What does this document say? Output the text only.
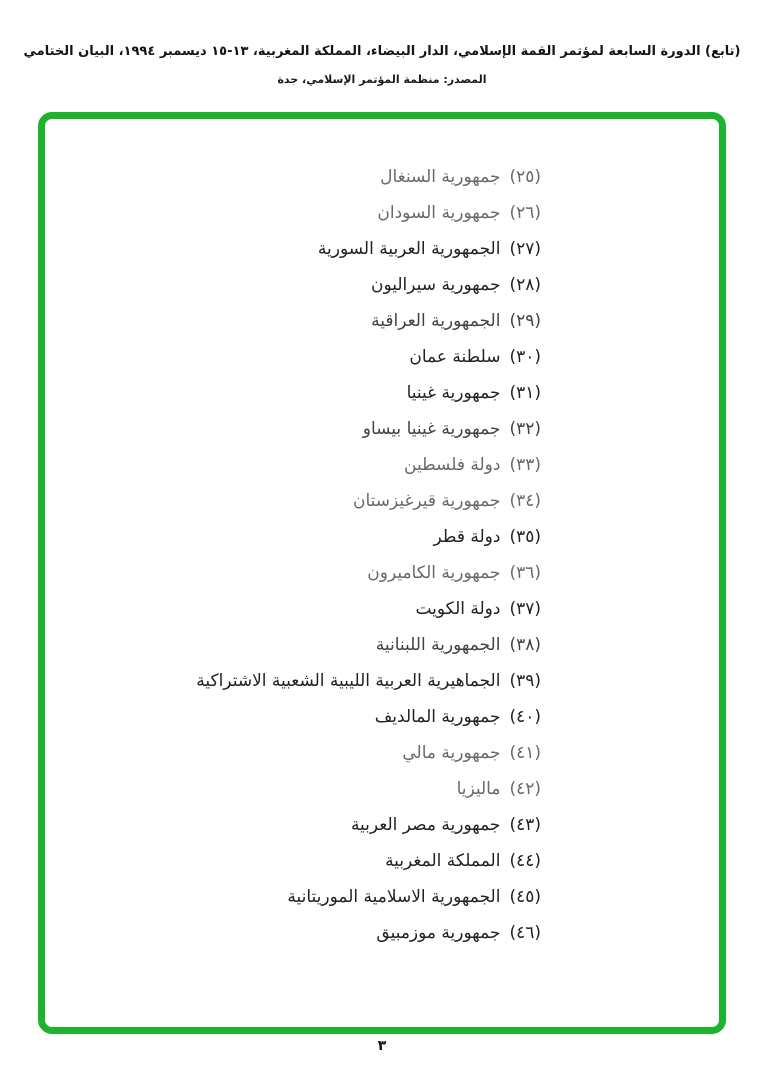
(تابع) الدورة السابعة لمؤتمر القمة الإسلامي، الدار البيضاء، المملكة المغربية، ١٣-١٥ ديسمبر ١٩٩٤، البيان الختامي
المصدر: منظمة المؤتمر الإسلامي، جدة
(٢٥)جمهورية السنغال
(٢٦)جمهورية السودان
(٢٧)الجمهورية العربية السورية
(٢٨)جمهورية سيراليون
(٢٩)الجمهورية العراقية
(٣٠)سلطنة عمان
(٣١)جمهورية غينيا
(٣٢)جمهورية غينيا بيساو
(٣٣)دولة فلسطين
(٣٤)جمهورية قيرغيزستان
(٣٥)دولة قطر
(٣٦)جمهورية الكاميرون
(٣٧)دولة الكويت
(٣٨)الجمهورية اللبنانية
(٣٩)الجماهيرية العربية الليبية الشعبية الاشتراكية
(٤٠)جمهورية المالديف
(٤١)جمهورية مالي
(٤٢)ماليزيا
(٤٣)جمهورية مصر العربية
(٤٤)المملكة المغربية
(٤٥)الجمهورية الاسلامية الموريتانية
(٤٦)جمهورية موزمبيق
٣
